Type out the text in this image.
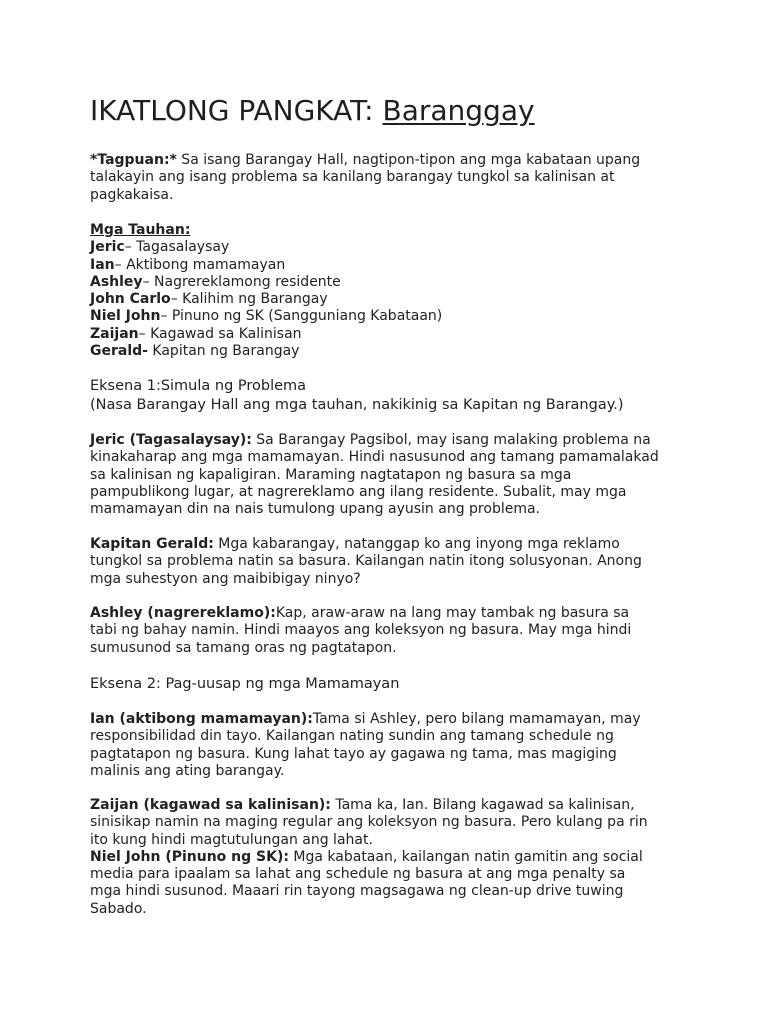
IKATLONG PANGKAT: Baranggay
*Tagpuan:* Sa isang Barangay Hall, nagtipon-tipon ang mga kabataan upang
talakayin ang isang problema sa kanilang barangay tungkol sa kalinisan at
pagkakaisa.
Mga Tauhan:
Jeric– Tagasalaysay
Ian– Aktibong mamamayan
Ashley– Nagrereklamong residente
John Carlo– Kalihim ng Barangay
Niel John– Pinuno ng SK (Sangguniang Kabataan)
Zaijan– Kagawad sa Kalinisan
Gerald- Kapitan ng Barangay
Eksena 1:Simula ng Problema
(Nasa Barangay Hall ang mga tauhan, nakikinig sa Kapitan ng Barangay.)
Jeric (Tagasalaysay): Sa Barangay Pagsibol, may isang malaking problema na
kinakaharap ang mga mamamayan. Hindi nasusunod ang tamang pamamalakad
sa kalinisan ng kapaligiran. Maraming nagtatapon ng basura sa mga
pampublikong lugar, at nagrereklamo ang ilang residente. Subalit, may mga
mamamayan din na nais tumulong upang ayusin ang problema.
Kapitan Gerald: Mga kabarangay, natanggap ko ang inyong mga reklamo
tungkol sa problema natin sa basura. Kailangan natin itong solusyonan. Anong
mga suhestyon ang maibibigay ninyo?
Ashley (nagrereklamo):Kap, araw-araw na lang may tambak ng basura sa
tabi ng bahay namin. Hindi maayos ang koleksyon ng basura. May mga hindi
sumusunod sa tamang oras ng pagtatapon.
Eksena 2: Pag-uusap ng mga Mamamayan
Ian (aktibong mamamayan):Tama si Ashley, pero bilang mamamayan, may
responsibilidad din tayo. Kailangan nating sundin ang tamang schedule ng
pagtatapon ng basura. Kung lahat tayo ay gagawa ng tama, mas magiging
malinis ang ating barangay.
Zaijan (kagawad sa kalinisan): Tama ka, Ian. Bilang kagawad sa kalinisan,
sinisikap namin na maging regular ang koleksyon ng basura. Pero kulang pa rin
ito kung hindi magtutulungan ang lahat.
Niel John (Pinuno ng SK): Mga kabataan, kailangan natin gamitin ang social
media para ipaalam sa lahat ang schedule ng basura at ang mga penalty sa
mga hindi susunod. Maaari rin tayong magsagawa ng clean-up drive tuwing
Sabado.
